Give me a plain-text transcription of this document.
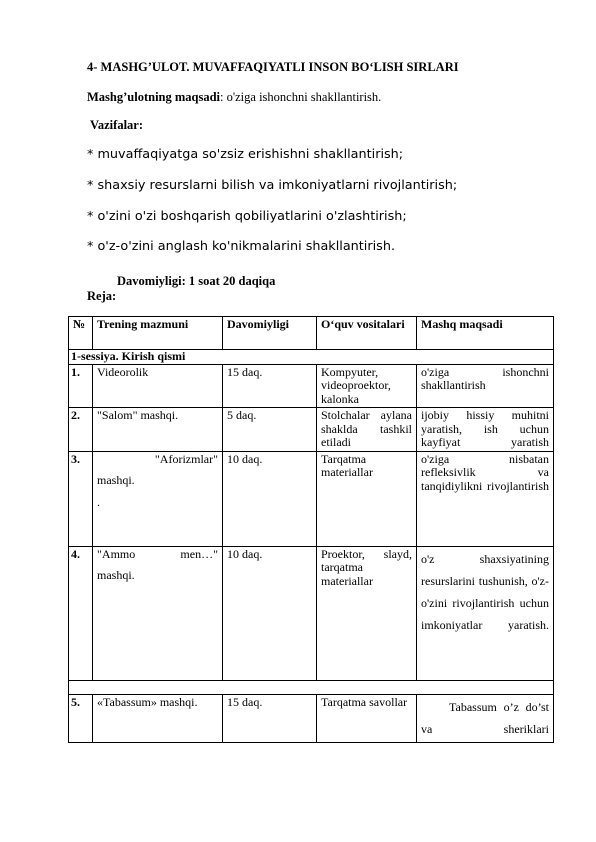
4- MASHG’ULOT. MUVAFFAQIYATLI INSON BO‘LISH SIRLARI
Mashg’ulotning maqsadi: o'ziga ishonchni shakllantirish.
Vazifalar:
* muvaffaqiyatga so'zsiz erishishni shakllantirish;
* shaxsiy resurslarni bilish va imkoniyatlarni rivojlantirish;
* o'zini o'zi boshqarish qobiliyatlarini o'zlashtirish;
* o'z-o'zini anglash ko'nikmalarini shakllantirish.
Davomiyligi: 1 soat 20 daqiqa
Reja:
№	Trening mazmuni	Davomiyligi	O‘quv vositalari	Mashq maqsadi
1-sessiya. Kirish qismi				
1.	Videorolik	15 daq.	Kompyuter, videoproektor, kalonka	o'ziga ishonchni shakllantirish
2.	"Salom" mashqi.	5 daq.	Stolchalar aylana shaklda tashkil etiladi	ijobiy hissiy muhitni yaratish, ish uchun kayfiyat yaratish
3.	"Aforizmlar"
mashqi.
.	10 daq.	Tarqatma materiallar	o'ziga nisbatan refleksivlik va tanqidiylikni rivojlantirish
4.	"Ammo men…"
mashqi.	10 daq.	Proektor, slayd, tarqatma materiallar	o'z shaxsiyatining resurslarini tushunish, o'z-o'zini rivojlantirish uchun imkoniyatlar yaratish.

5.	«Tabassum» mashqi.	15 daq.	Tarqatma savollar	Tabassum o’z do’st va sheriklari
